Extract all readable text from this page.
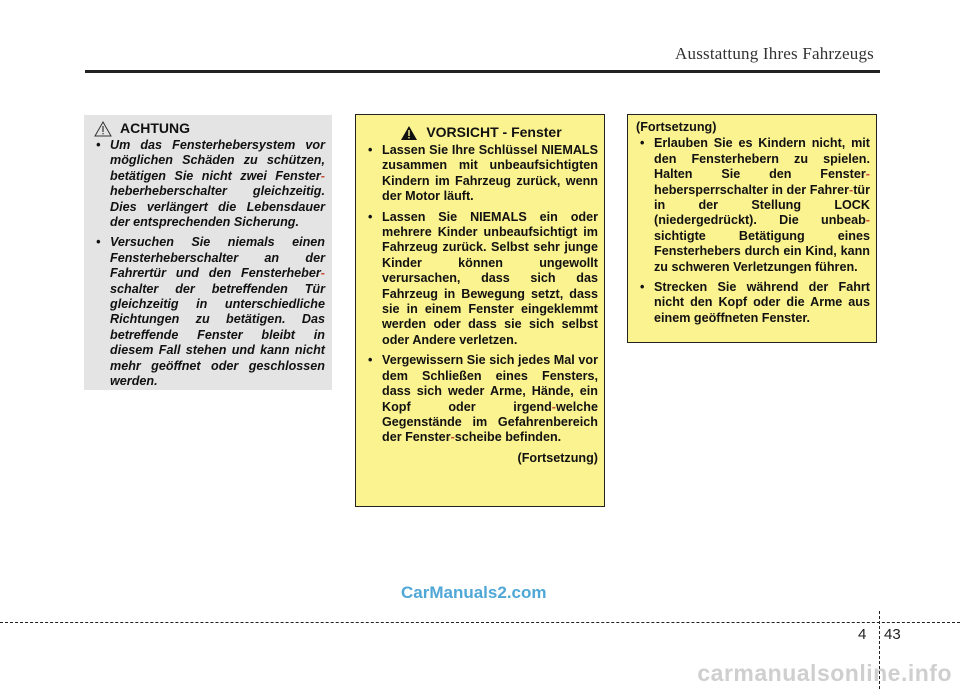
Ausstattung Ihres Fahrzeugs
ACHTUNG
• Um das Fensterhebersystem vor möglichen Schäden zu schützen, betätigen Sie nicht zwei Fenster-heberheberschalter gleichzeitig. Dies verlängert die Lebensdauer der entsprechenden Sicherung.
• Versuchen Sie niemals einen Fensterheberschalter an der Fahrertür und den Fensterheber-schalter der betreffenden Tür gleichzeitig in unterschiedliche Richtungen zu betätigen. Das betreffende Fenster bleibt in diesem Fall stehen und kann nicht mehr geöffnet oder geschlossen werden.
VORSICHT - Fenster
• Lassen Sie Ihre Schlüssel NIEMALS zusammen mit unbeaufsichtigten Kindern im Fahrzeug zurück, wenn der Motor läuft.
• Lassen Sie NIEMALS ein oder mehrere Kinder unbeaufsichtigt im Fahrzeug zurück. Selbst sehr junge Kinder können ungewollt verursachen, dass sich das Fahrzeug in Bewegung setzt, dass sie in einem Fenster eingeklemmt werden oder dass sie sich selbst oder Andere verletzen.
• Vergewissern Sie sich jedes Mal vor dem Schließen eines Fensters, dass sich weder Arme, Hände, ein Kopf oder irgend-welche Gegenstände im Gefahrenbereich der Fenster-scheibe befinden.
(Fortsetzung)
(Fortsetzung)
• Erlauben Sie es Kindern nicht, mit den Fensterhebern zu spielen. Halten Sie den Fenster-hebersperrschalter in der Fahrer-tür in der Stellung LOCK (niedergedrückt). Die unbeab-sichtigte Betätigung eines Fensterhebers durch ein Kind, kann zu schweren Verletzungen führen.
• Strecken Sie während der Fahrt nicht den Kopf oder die Arme aus einem geöffneten Fenster.
CarManuals2.com
4 43
carmanualsonline.info
